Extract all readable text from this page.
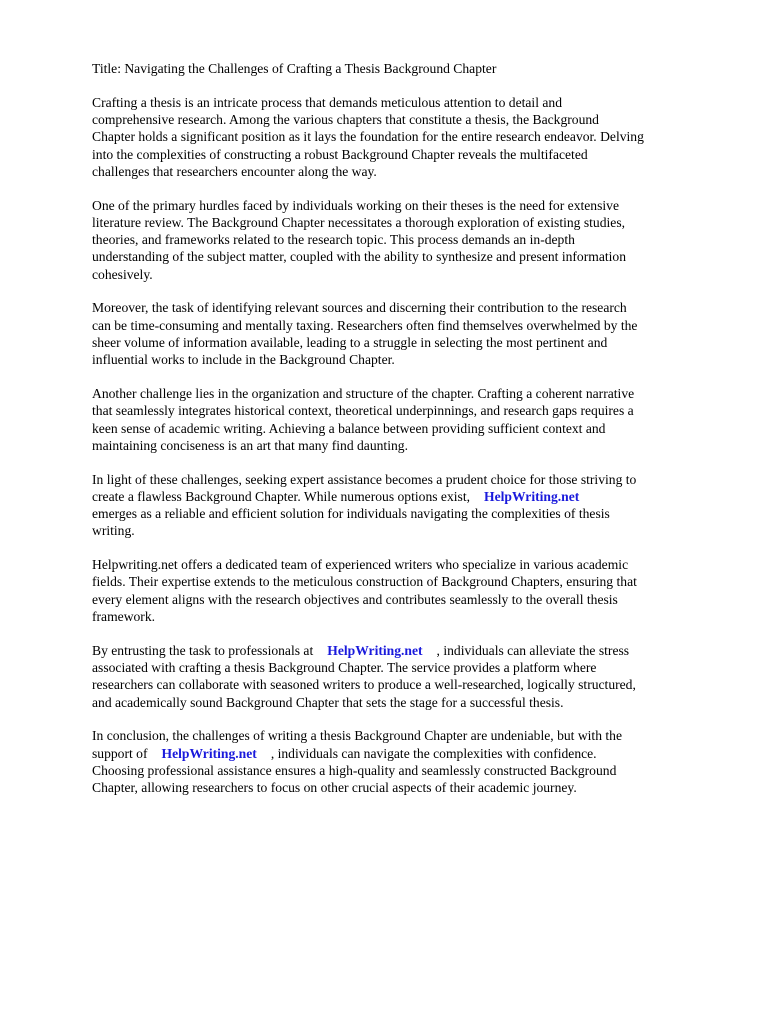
Title: Navigating the Challenges of Crafting a Thesis Background Chapter

Crafting a thesis is an intricate process that demands meticulous attention to detail and
comprehensive research. Among the various chapters that constitute a thesis, the Background
Chapter holds a significant position as it lays the foundation for the entire research endeavor. Delving
into the complexities of constructing a robust Background Chapter reveals the multifaceted
challenges that researchers encounter along the way.

One of the primary hurdles faced by individuals working on their theses is the need for extensive
literature review. The Background Chapter necessitates a thorough exploration of existing studies,
theories, and frameworks related to the research topic. This process demands an in-depth
understanding of the subject matter, coupled with the ability to synthesize and present information
cohesively.

Moreover, the task of identifying relevant sources and discerning their contribution to the research
can be time-consuming and mentally taxing. Researchers often find themselves overwhelmed by the
sheer volume of information available, leading to a struggle in selecting the most pertinent and
influential works to include in the Background Chapter.

Another challenge lies in the organization and structure of the chapter. Crafting a coherent narrative
that seamlessly integrates historical context, theoretical underpinnings, and research gaps requires a
keen sense of academic writing. Achieving a balance between providing sufficient context and
maintaining conciseness is an art that many find daunting.

In light of these challenges, seeking expert assistance becomes a prudent choice for those striving to
create a flawless Background Chapter. While numerous options exist, HelpWriting.net
emerges as a reliable and efficient solution for individuals navigating the complexities of thesis
writing.

Helpwriting.net offers a dedicated team of experienced writers who specialize in various academic
fields. Their expertise extends to the meticulous construction of Background Chapters, ensuring that
every element aligns with the research objectives and contributes seamlessly to the overall thesis
framework.

By entrusting the task to professionals at HelpWriting.net , individuals can alleviate the stress
associated with crafting a thesis Background Chapter. The service provides a platform where
researchers can collaborate with seasoned writers to produce a well-researched, logically structured,
and academically sound Background Chapter that sets the stage for a successful thesis.

In conclusion, the challenges of writing a thesis Background Chapter are undeniable, but with the
support of HelpWriting.net , individuals can navigate the complexities with confidence.
Choosing professional assistance ensures a high-quality and seamlessly constructed Background
Chapter, allowing researchers to focus on other crucial aspects of their academic journey.
